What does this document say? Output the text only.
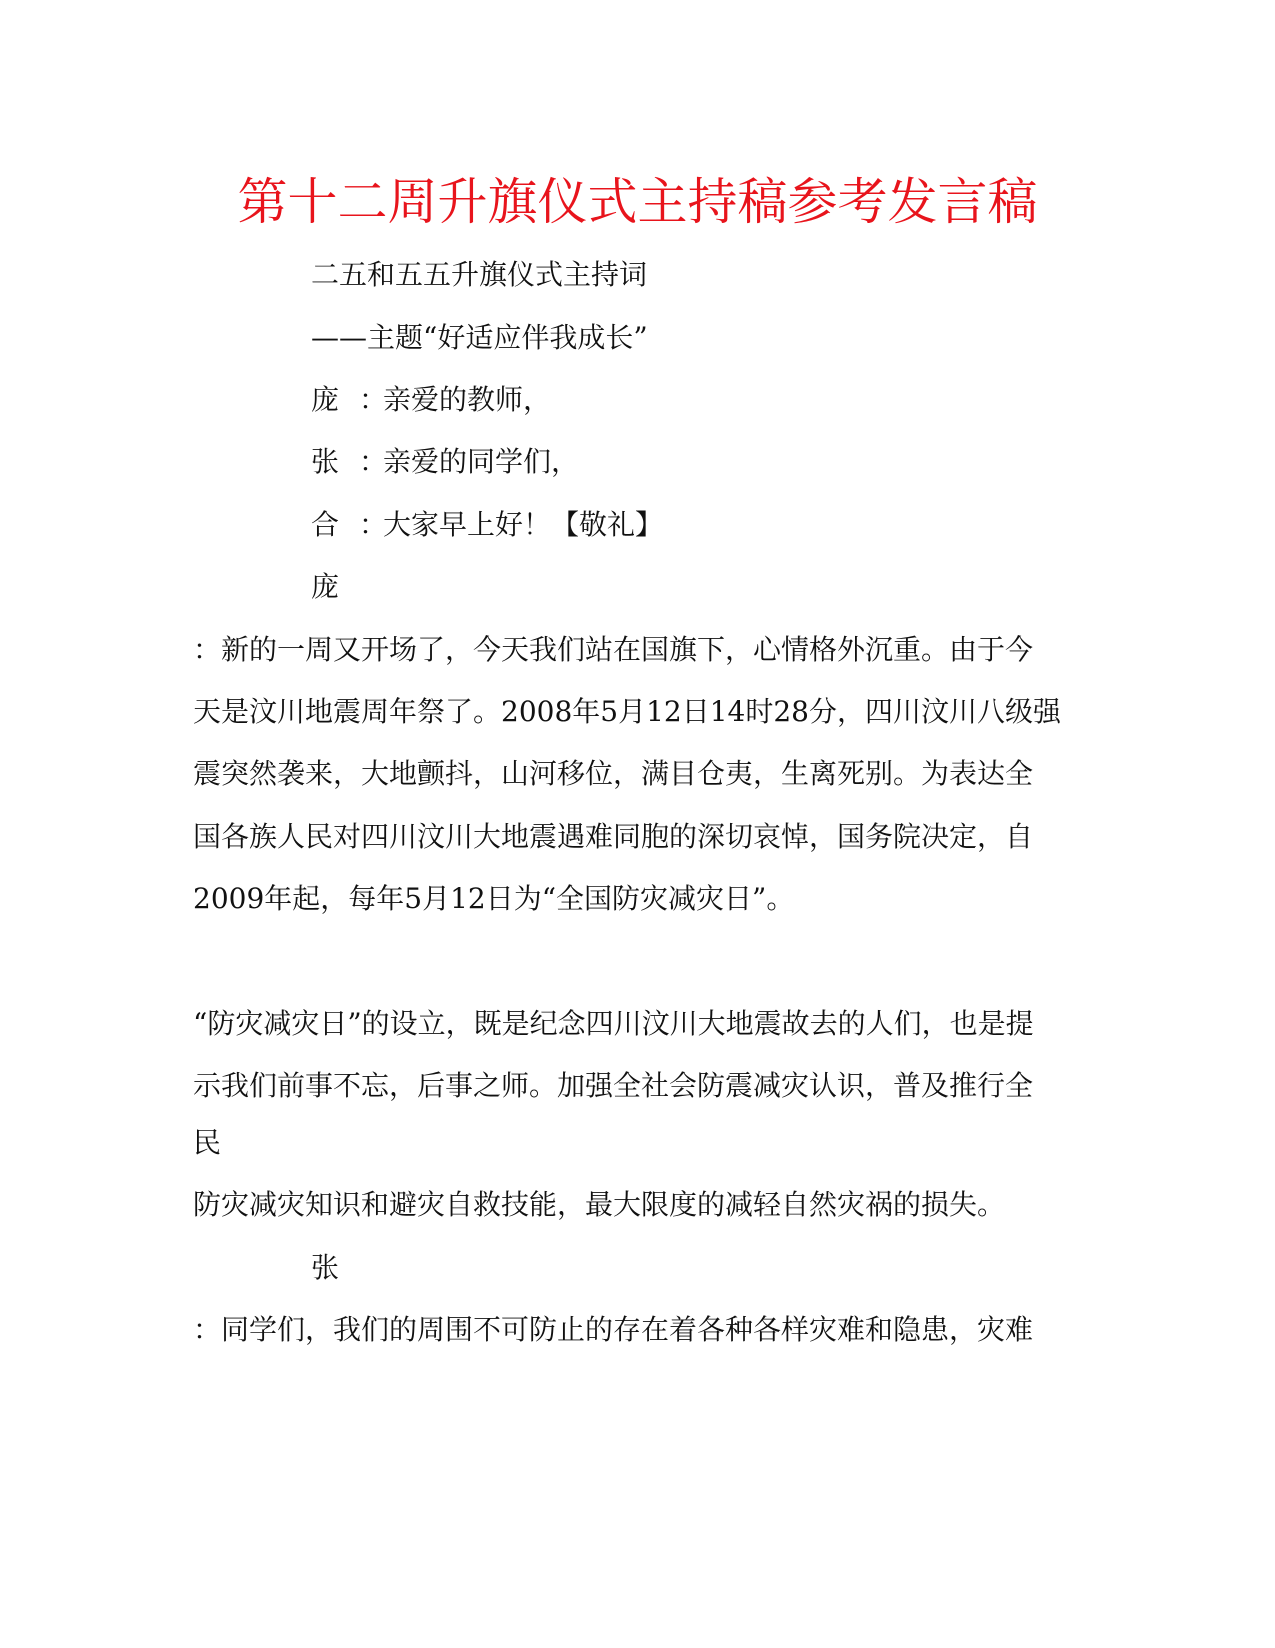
第十二周升旗仪式主持稿参考发言稿
二五和五五升旗仪式主持词
——主题“好适应伴我成长”
庞 ：亲爱的教师，
张 ：亲爱的同学们，
合 ：大家早上好！【敬礼】
庞
：新的一周又开场了，今天我们站在国旗下，心情格外沉重。由于今
天是汶川地震周年祭了。2008年5月12日14时28分，四川汶川八级强
震突然袭来，大地颤抖，山河移位，满目仓夷，生离死别。为表达全
国各族人民对四川汶川大地震遇难同胞的深切哀悼，国务院决定，自
2009年起，每年5月12日为“全国防灾减灾日”。
“防灾减灾日”的设立，既是纪念四川汶川大地震故去的人们，也是提
示我们前事不忘，后事之师。加强全社会防震减灾认识，普及推行全
民
防灾减灾知识和避灾自救技能，最大限度的减轻自然灾祸的损失。
张
：同学们，我们的周围不可防止的存在着各种各样灾难和隐患，灾难
